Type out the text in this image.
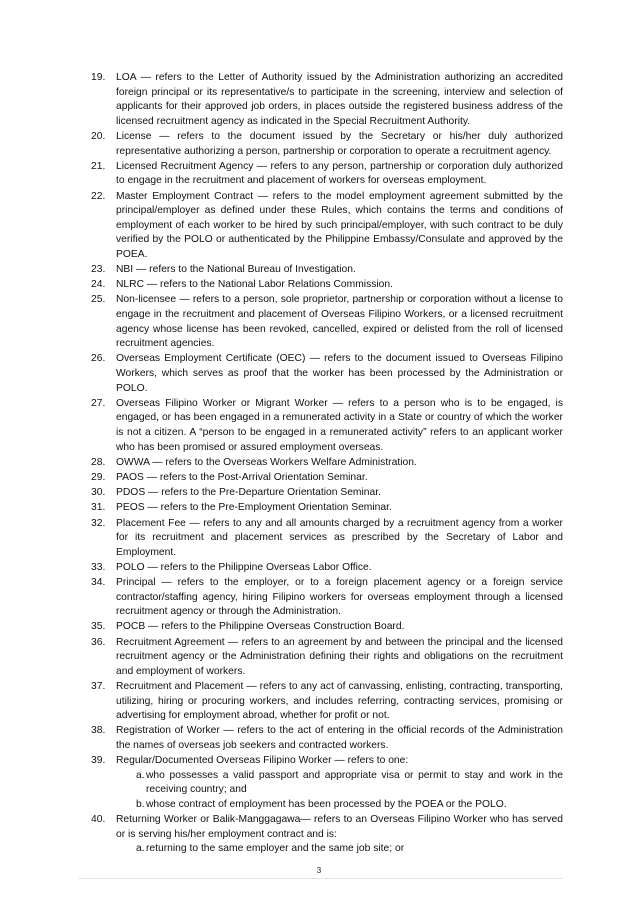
19. LOA — refers to the Letter of Authority issued by the Administration authorizing an accredited foreign principal or its representative/s to participate in the screening, interview and selection of applicants for their approved job orders, in places outside the registered business address of the licensed recruitment agency as indicated in the Special Recruitment Authority.
20. License — refers to the document issued by the Secretary or his/her duly authorized representative authorizing a person, partnership or corporation to operate a recruitment agency.
21. Licensed Recruitment Agency — refers to any person, partnership or corporation duly authorized to engage in the recruitment and placement of workers for overseas employment.
22. Master Employment Contract — refers to the model employment agreement submitted by the principal/employer as defined under these Rules, which contains the terms and conditions of employment of each worker to be hired by such principal/employer, with such contract to be duly verified by the POLO or authenticated by the Philippine Embassy/Consulate and approved by the POEA.
23. NBI — refers to the National Bureau of Investigation.
24. NLRC — refers to the National Labor Relations Commission.
25. Non-licensee — refers to a person, sole proprietor, partnership or corporation without a license to engage in the recruitment and placement of Overseas Filipino Workers, or a licensed recruitment agency whose license has been revoked, cancelled, expired or delisted from the roll of licensed recruitment agencies.
26. Overseas Employment Certificate (OEC) — refers to the document issued to Overseas Filipino Workers, which serves as proof that the worker has been processed by the Administration or POLO.
27. Overseas Filipino Worker or Migrant Worker — refers to a person who is to be engaged, is engaged, or has been engaged in a remunerated activity in a State or country of which the worker is not a citizen. A “person to be engaged in a remunerated activity” refers to an applicant worker who has been promised or assured employment overseas.
28. OWWA — refers to the Overseas Workers Welfare Administration.
29. PAOS — refers to the Post-Arrival Orientation Seminar.
30. PDOS — refers to the Pre-Departure Orientation Seminar.
31. PEOS — refers to the Pre-Employment Orientation Seminar.
32. Placement Fee — refers to any and all amounts charged by a recruitment agency from a worker for its recruitment and placement services as prescribed by the Secretary of Labor and Employment.
33. POLO — refers to the Philippine Overseas Labor Office.
34. Principal — refers to the employer, or to a foreign placement agency or a foreign service contractor/staffing agency, hiring Filipino workers for overseas employment through a licensed recruitment agency or through the Administration.
35. POCB — refers to the Philippine Overseas Construction Board.
36. Recruitment Agreement — refers to an agreement by and between the principal and the licensed recruitment agency or the Administration defining their rights and obligations on the recruitment and employment of workers.
37. Recruitment and Placement — refers to any act of canvassing, enlisting, contracting, transporting, utilizing, hiring or procuring workers, and includes referring, contracting services, promising or advertising for employment abroad, whether for profit or not.
38. Registration of Worker — refers to the act of entering in the official records of the Administration the names of overseas job seekers and contracted workers.
39. Regular/Documented Overseas Filipino Worker — refers to one:
a.who possesses a valid passport and appropriate visa or permit to stay and work in the receiving country; and
b.whose contract of employment has been processed by the POEA or the POLO.
40. Returning Worker or Balik-Manggagawa— refers to an Overseas Filipino Worker who has served or is serving his/her employment contract and is:
a.returning to the same employer and the same job site; or
3
